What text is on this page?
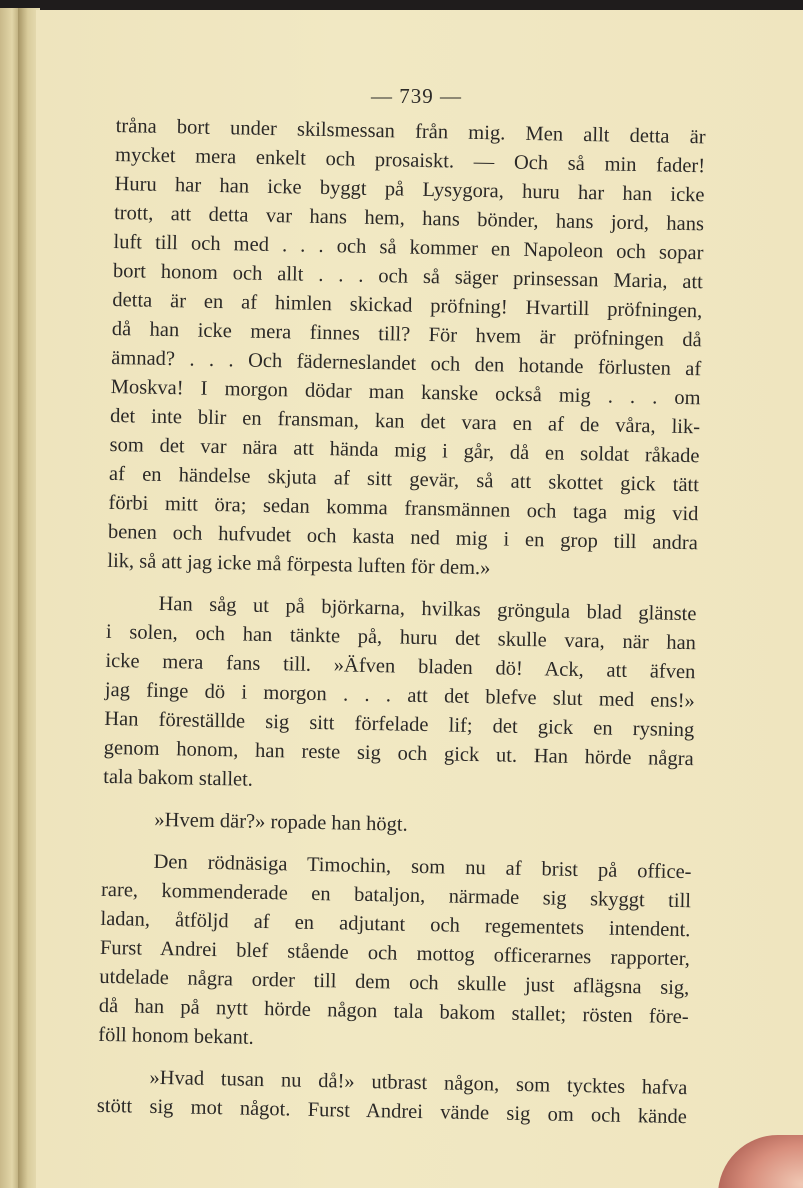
— 739 —

tråna bort under skilsmessan från mig. Men allt detta är
mycket mera enkelt och prosaiskt. — Och så min fader!
Huru har han icke byggt på Lysygora, huru har han icke
trott, att detta var hans hem, hans bönder, hans jord, hans
luft till och med . . . och så kommer en Napoleon och sopar
bort honom och allt . . . och så säger prinsessan Maria, att
detta är en af himlen skickad pröfning! Hvartill pröfningen,
då han icke mera finnes till? För hvem är pröfningen då
ämnad? . . . Och fäderneslandet och den hotande förlusten af
Moskva! I morgon dödar man kanske också mig . . . om
det inte blir en fransman, kan det vara en af de våra, lik-
som det var nära att hända mig i går, då en soldat råkade
af en händelse skjuta af sitt gevär, så att skottet gick tätt
förbi mitt öra; sedan komma fransmännen och taga mig vid
benen och hufvudet och kasta ned mig i en grop till andra
lik, så att jag icke må förpesta luften för dem.»

Han såg ut på björkarna, hvilkas gröngula blad glänste
i solen, och han tänkte på, huru det skulle vara, när han
icke mera fans till. »Äfven bladen dö! Ack, att äfven
jag finge dö i morgon . . . att det blefve slut med ens!»
Han föreställde sig sitt förfelade lif; det gick en rysning
genom honom, han reste sig och gick ut. Han hörde några
tala bakom stallet.

»Hvem där?» ropade han högt.

Den rödnäsiga Timochin, som nu af brist på office-
rare, kommenderade en bataljon, närmade sig skyggt till
ladan, åtföljd af en adjutant och regementets intendent.
Furst Andrei blef stående och mottog officerarnes rapporter,
utdelade några order till dem och skulle just aflägsna sig,
då han på nytt hörde någon tala bakom stallet; rösten före-
föll honom bekant.

»Hvad tusan nu då!» utbrast någon, som tycktes hafva
stött sig mot något. Furst Andrei vände sig om och kände
